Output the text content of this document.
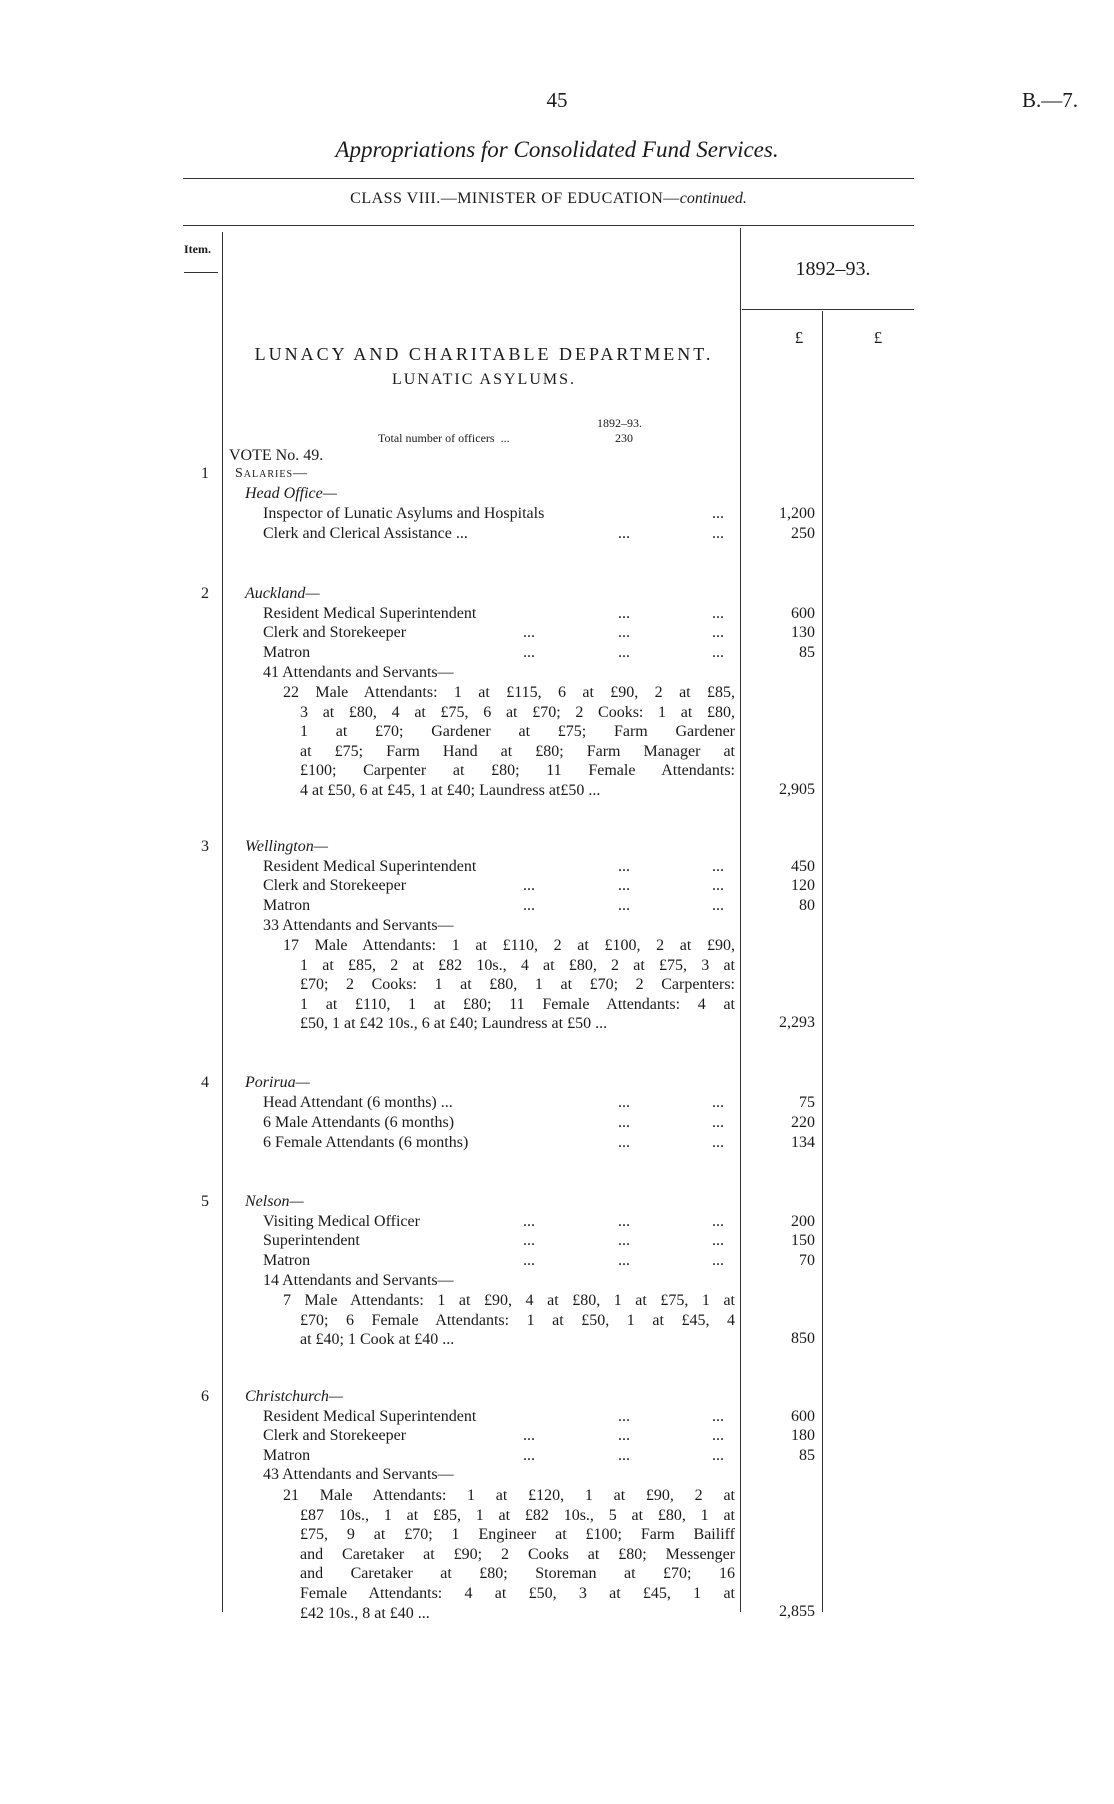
45	B.—7.
Appropriations for Consolidated Fund Services.
CLASS VIII.—MINISTER OF EDUCATION—continued.
Item.
1892–93.
£	£
LUNACY AND CHARITABLE DEPARTMENT.
LUNATIC ASYLUMS.
1892–93.
Total number of officers  ...	230
VOTE No. 49.
1	Salaries—
Head Office—
Inspector of Lunatic Asylums and Hospitals	...	1,200
Clerk and Clerical Assistance ...	...	...	250
2	Auckland—
Resident Medical Superintendent	...	...	600
Clerk and Storekeeper	...	...	...	130
Matron	...	...	...	85
41 Attendants and Servants—
22 Male Attendants: 1 at £115, 6 at £90, 2 at £85,
3 at £80, 4 at £75, 6 at £70; 2 Cooks: 1 at £80,
1 at £70; Gardener at £75; Farm Gardener
at £75; Farm Hand at £80; Farm Manager at
£100; Carpenter at £80; 11 Female Attendants:
4 at £50, 6 at £45, 1 at £40; Laundress at£50 ...	2,905
3	Wellington—
Resident Medical Superintendent	...	...	450
Clerk and Storekeeper	...	...	...	120
Matron	...	...	...	80
33 Attendants and Servants—
17 Male Attendants: 1 at £110, 2 at £100, 2 at £90,
1 at £85, 2 at £82 10s., 4 at £80, 2 at £75, 3 at
£70; 2 Cooks: 1 at £80, 1 at £70; 2 Carpenters:
1 at £110, 1 at £80; 11 Female Attendants: 4 at
£50, 1 at £42 10s., 6 at £40; Laundress at £50 ...	2,293
4	Porirua—
Head Attendant (6 months) ...	...	...	75
6 Male Attendants (6 months)	...	...	220
6 Female Attendants (6 months)	...	...	134
5	Nelson—
Visiting Medical Officer	...	...	...	200
Superintendent	...	...	...	150
Matron	...	...	...	70
14 Attendants and Servants—
7 Male Attendants: 1 at £90, 4 at £80, 1 at £75, 1 at
£70; 6 Female Attendants: 1 at £50, 1 at £45, 4
at £40; 1 Cook at £40 ...	850
6	Christchurch—
Resident Medical Superintendent	...	...	600
Clerk and Storekeeper	...	...	...	180
Matron	...	...	...	85
43 Attendants and Servants—
21 Male Attendants: 1 at £120, 1 at £90, 2 at
£87 10s., 1 at £85, 1 at £82 10s., 5 at £80, 1 at
£75, 9 at £70; 1 Engineer at £100; Farm Bailiff
and Caretaker at £90; 2 Cooks at £80; Messenger
and Caretaker at £80; Storeman at £70; 16
Female Attendants: 4 at £50, 3 at £45, 1 at
£42 10s., 8 at £40 ...	2,855
